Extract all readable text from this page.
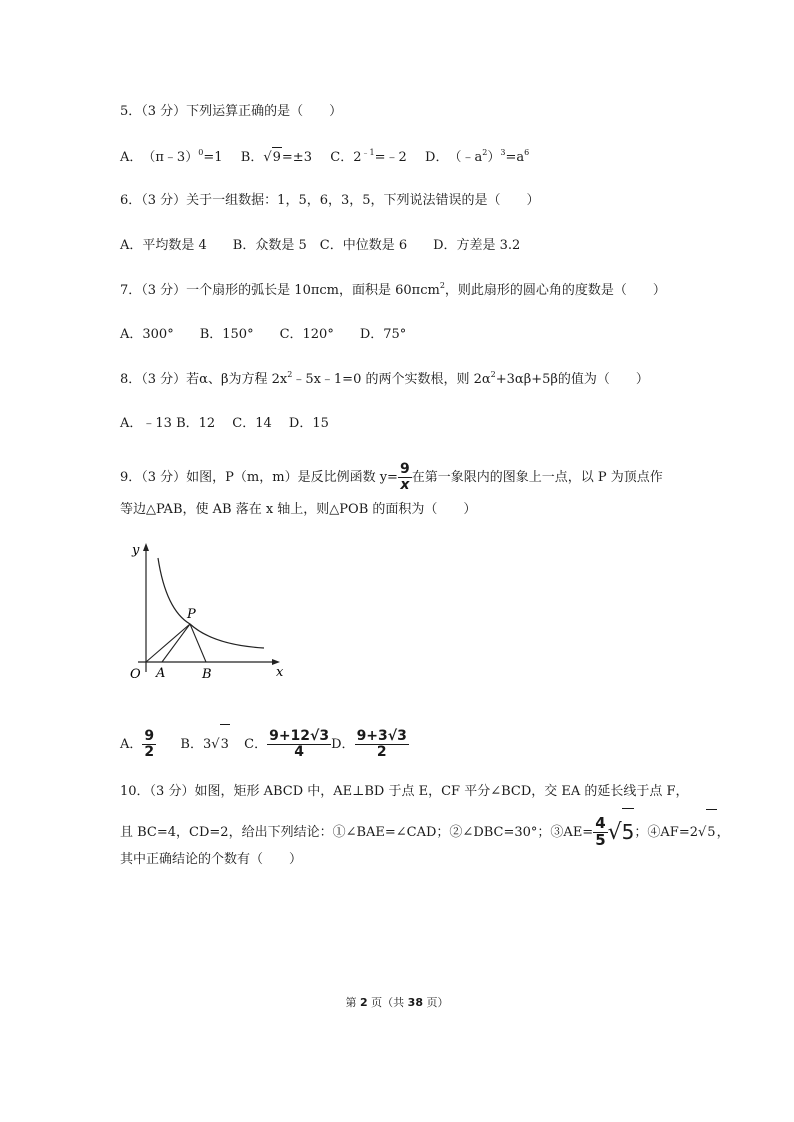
5．（3 分）下列运算正确的是（　　）
A．（π﹣3）$^0$=1 B．√9=±3 C．$2^{﹣1}=﹣2$ D．$(﹣a^2)^3=a^6$
6．（3 分）关于一组数据：1，5，6，3，5，下列说法错误的是（　　）
A．平均数是 4　　B．众数是 5　C．中位数是 6　　D．方差是 3.2
7．（3 分）一个扇形的弧长是 10πcm，面积是 60πcm$^2$，则此扇形的圆心角的度数是（　　）
A．300°　　B．150°　　C．120°　　D．75°
8．（3 分）若α、β为方程 $2x^2﹣5x﹣1=0$ 的两个实数根，则 $2\alpha^2+3\alpha\beta+5\beta$的值为（　　）
A．﹣13 B．12　 C．14　 D．15
9．（3 分）如图，P（m，m）是反比例函数 $y= \frac{9}{x}$ 在第一象限内的图象上一点，以 P 为顶点作
等边△PAB，使 AB 落在 x 轴上，则△POB 的面积为（　　）
y
x
O A	B
P
A． $\frac{9}{2}$ B．3√3 C． $\frac{9+12√3}{4}$ D． $\frac{9+3√3}{2}$
10．（3 分）如图，矩形 ABCD 中，AE⊥BD 于点 E，CF 平分∠BCD，交 EA 的延长线于点 F，
且 BC=4，CD=2，给出下列结论：①∠BAE=∠CAD；②∠DBC=30°；③AE= $\frac{4}{5} √5$；④AF=2√5，
其中正确结论的个数有（　　）
第 2 页（共 38 页）
